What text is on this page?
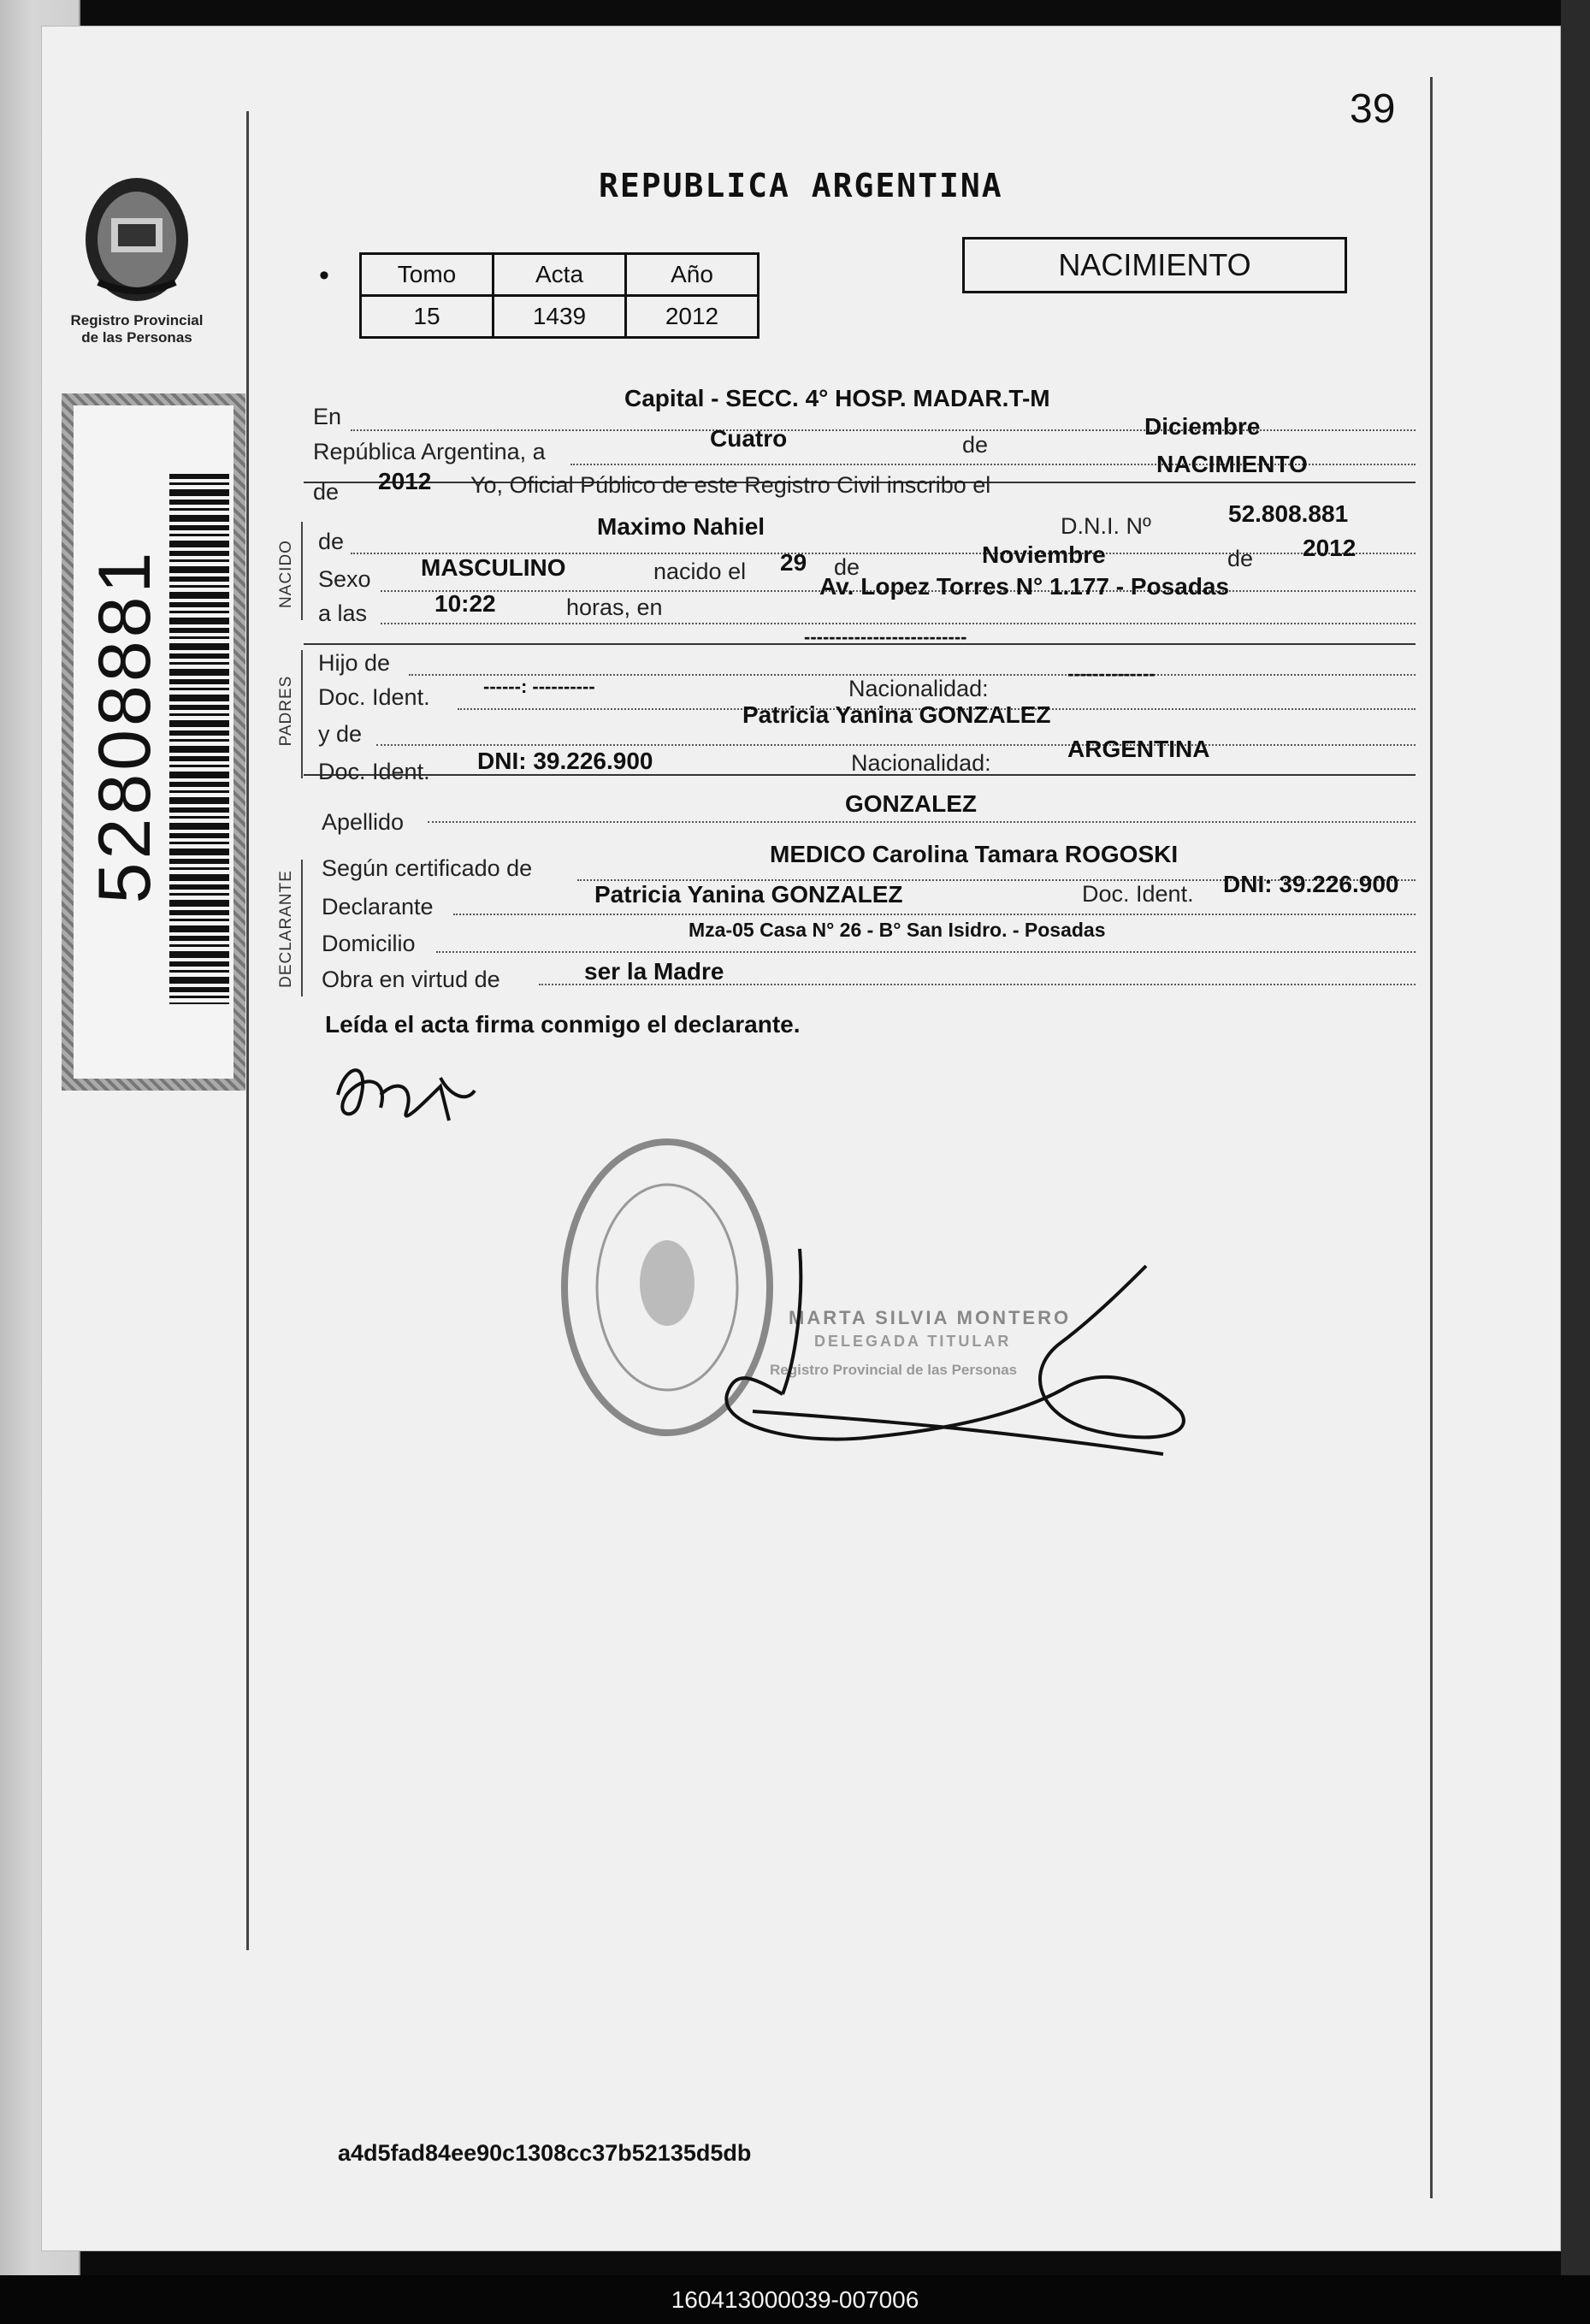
39
Registro Provincial
de las Personas
52808881
REPUBLICA ARGENTINA
•	Tomo	Acta	Año
15	1439	2012
NACIMIENTO
NACIDO
PADRES
DECLARANTE
En
Capital - SECC. 4° HOSP. MADAR.T-M
República Argentina, a	Cuatro	de
Diciembre
de 2012 Yo, Oficial Público de este Registro Civil inscribo el
NACIMIENTO
de
Maximo Nahiel	D.N.I. Nº	52.808.881
Sexo MASCULINO	nacido el 29 de	Noviembre	de 2012
a las	10:22	horas, en
Av. Lopez Torres N° 1.177 - Posadas
Hijo de
--------------------------
Doc. Ident.	------: ----------	Nacionalidad:
--------------
y de
Patricia Yanina GONZALEZ
Doc. Ident. DNI: 39.226.900	Nacionalidad:
ARGENTINA
Apellido
GONZALEZ
Según certificado de
MEDICO Carolina Tamara ROGOSKI
Declarante	Patricia Yanina GONZALEZ	Doc. Ident. DNI: 39.226.900
Domicilio
Mza-05 Casa N° 26 - B° San Isidro. - Posadas
Obra en virtud de	ser la Madre
Leída el acta firma conmigo el declarante.
MARTA SILVIA MONTERO
DELEGADA TITULAR
Registro Provincial de las Personas
a4d5fad84ee90c1308cc37b52135d5db
160413000039-007006
